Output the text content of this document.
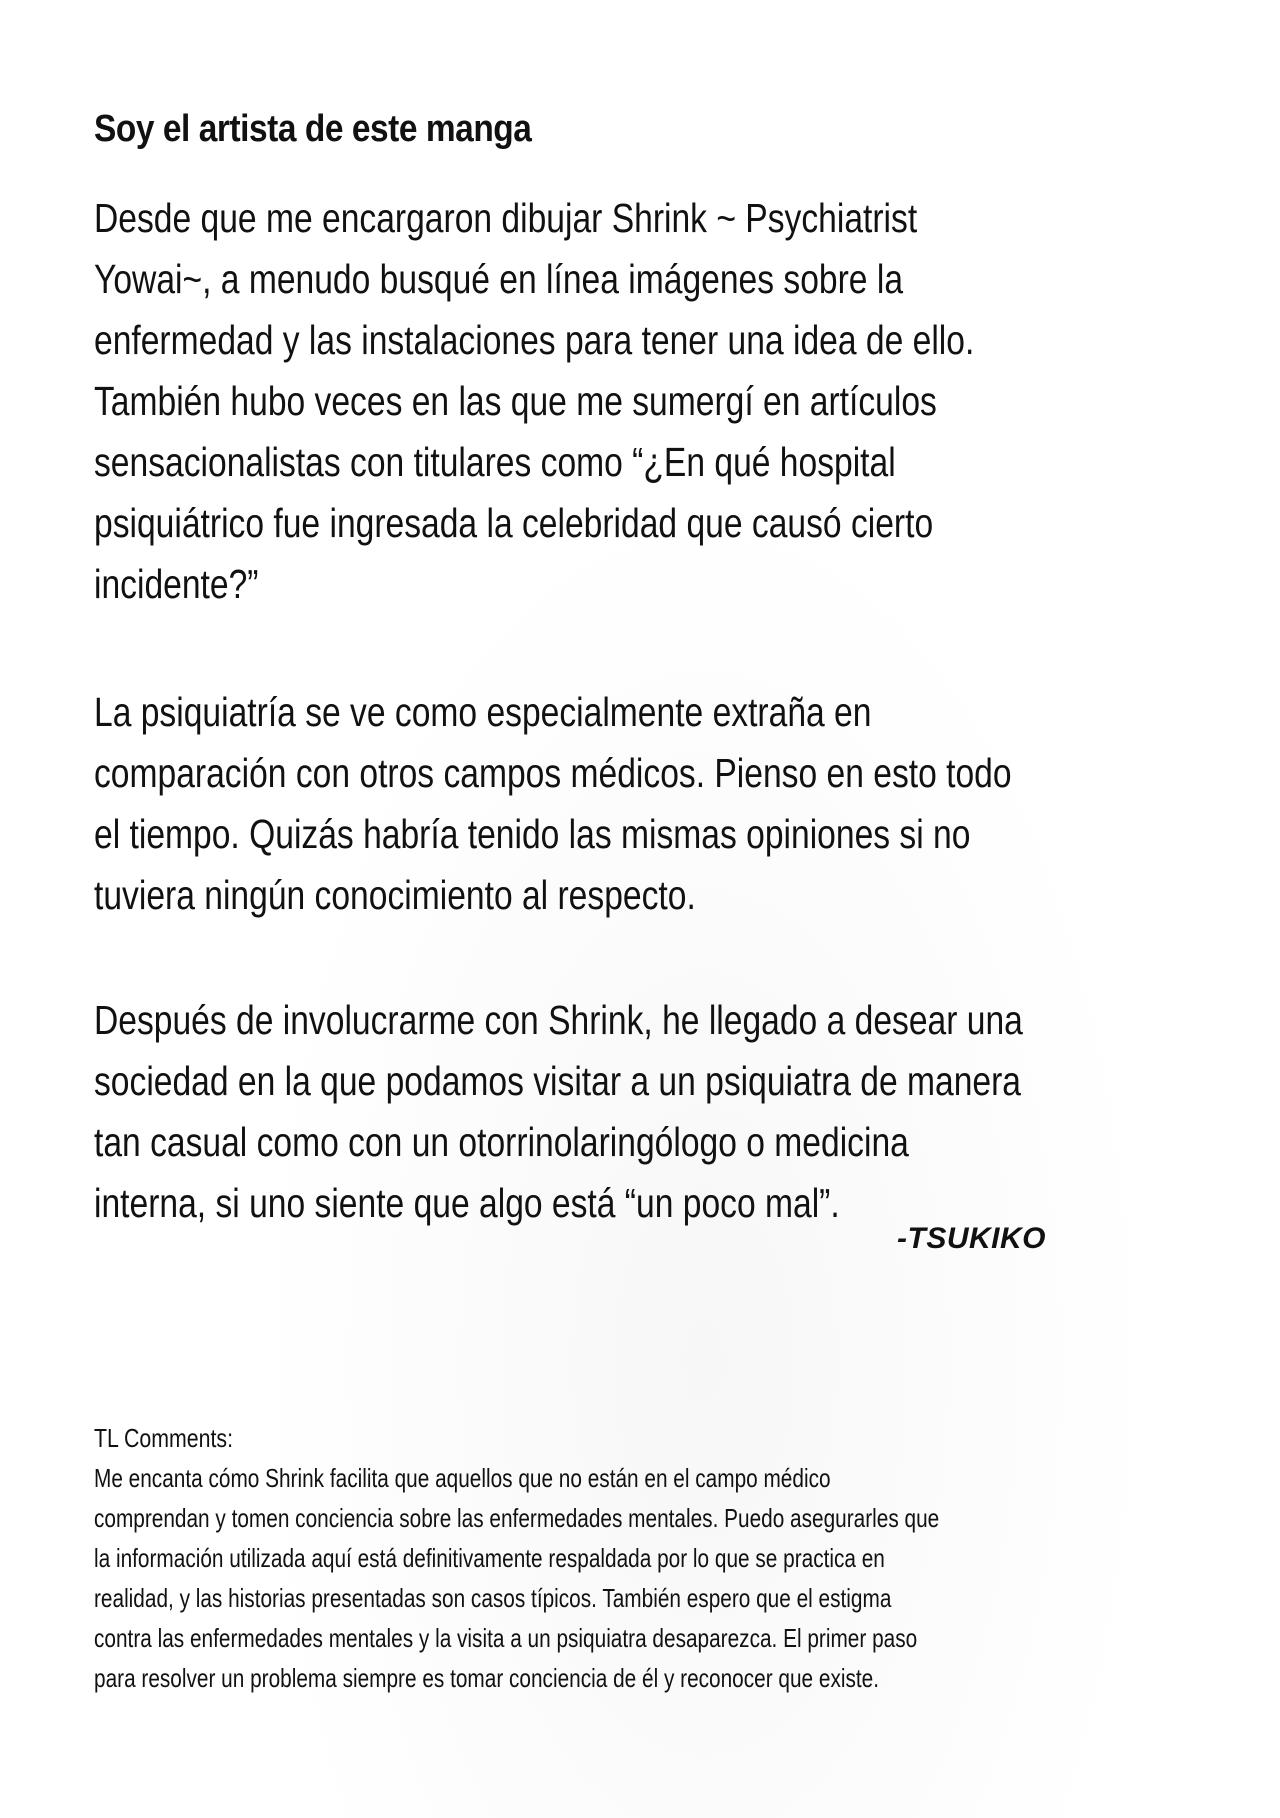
Soy el artista de este manga
Desde que me encargaron dibujar Shrink ~ Psychiatrist
Yowai~, a menudo busqué en línea imágenes sobre la
enfermedad y las instalaciones para tener una idea de ello.
También hubo veces en las que me sumergí en artículos
sensacionalistas con titulares como “¿En qué hospital
psiquiátrico fue ingresada la celebridad que causó cierto
incidente?”
La psiquiatría se ve como especialmente extraña en
comparación con otros campos médicos. Pienso en esto todo
el tiempo. Quizás habría tenido las mismas opiniones si no
tuviera ningún conocimiento al respecto.
Después de involucrarme con Shrink, he llegado a desear una
sociedad en la que podamos visitar a un psiquiatra de manera
tan casual como con un otorrinolaringólogo o medicina
interna, si uno siente que algo está “un poco mal”.
-TSUKIKO
TL Comments:
Me encanta cómo Shrink facilita que aquellos que no están en el campo médico
comprendan y tomen conciencia sobre las enfermedades mentales. Puedo asegurarles que
la información utilizada aquí está definitivamente respaldada por lo que se practica en
realidad, y las historias presentadas son casos típicos. También espero que el estigma
contra las enfermedades mentales y la visita a un psiquiatra desaparezca. El primer paso
para resolver un problema siempre es tomar conciencia de él y reconocer que existe.
